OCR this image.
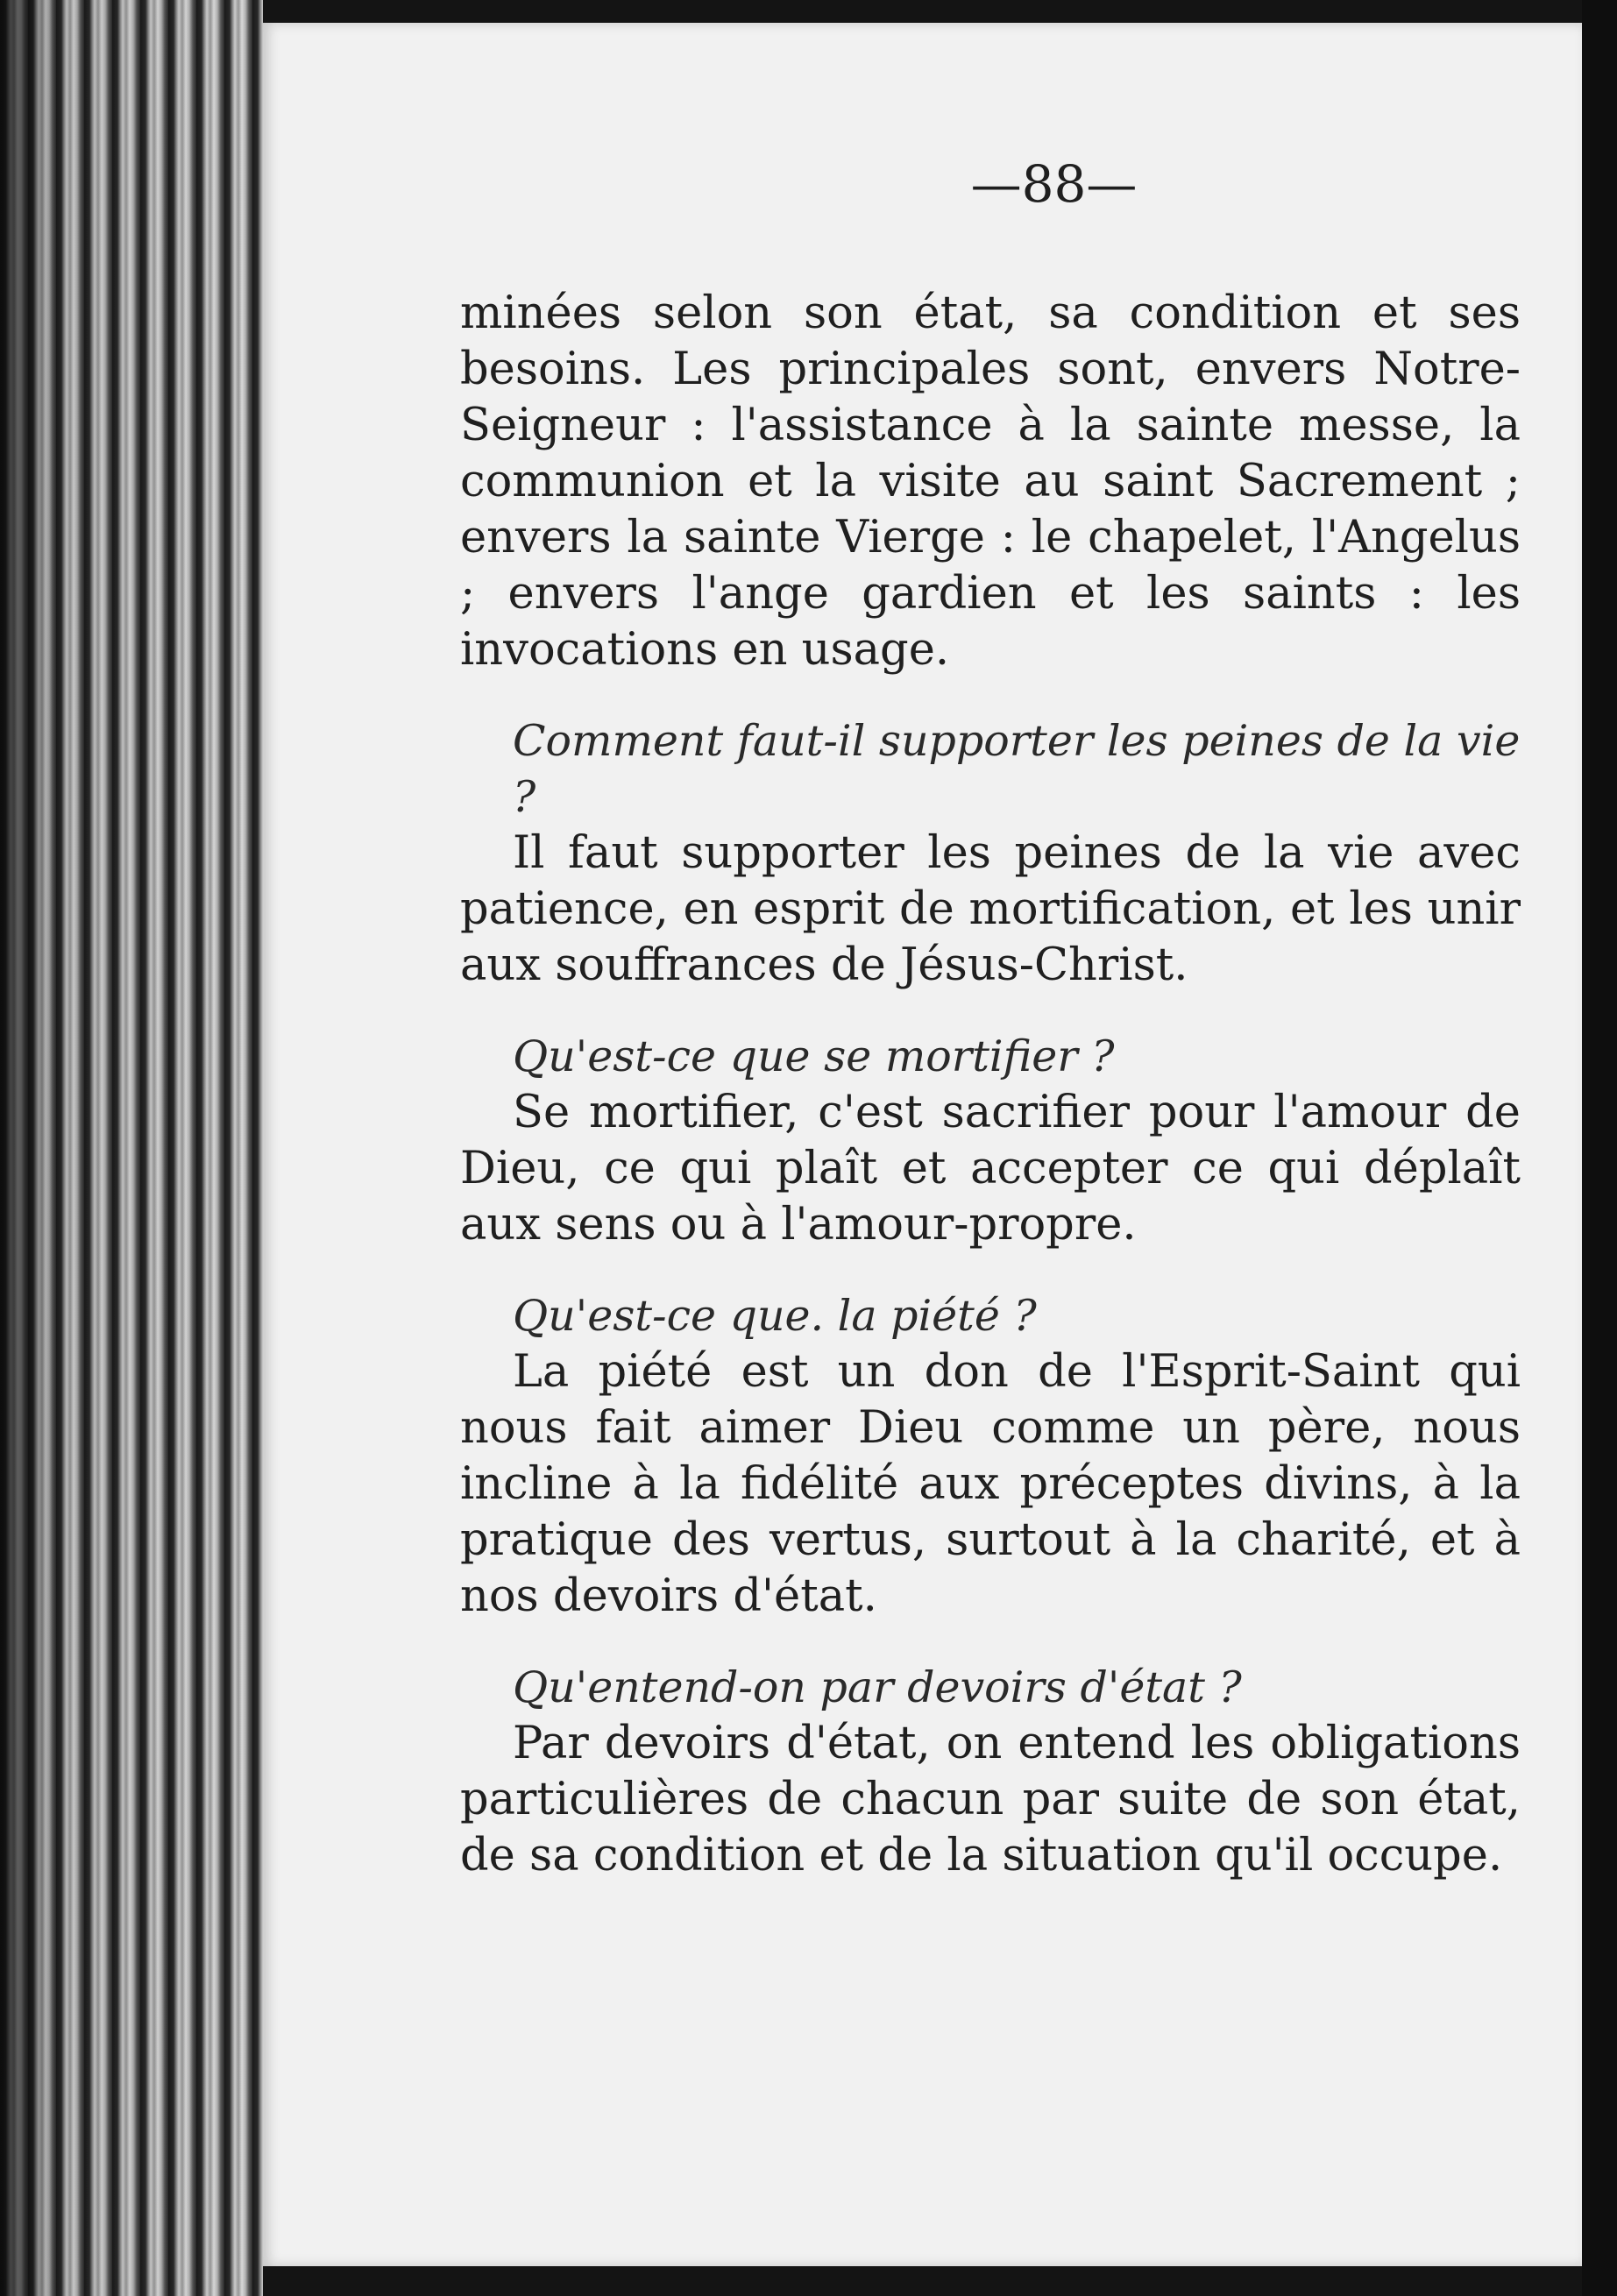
—88—

minées selon son état, sa condition et ses besoins. Les principales sont, envers Notre-Seigneur : l'assistance à la sainte messe, la communion et la visite au saint Sacrement ; envers la sainte Vierge : le chapelet, l'Angelus ; envers l'ange gardien et les saints : les invocations en usage.

Comment faut-il supporter les peines de la vie ?

Il faut supporter les peines de la vie avec patience, en esprit de mortification, et les unir aux souffrances de Jésus-Christ.

Qu'est-ce que se mortifier ?

Se mortifier, c'est sacrifier pour l'amour de Dieu, ce qui plaît et accepter ce qui déplaît aux sens ou à l'amour-propre.

Qu'est-ce que. la piété ?

La piété est un don de l'Esprit-Saint qui nous fait aimer Dieu comme un père, nous incline à la fidélité aux préceptes divins, à la pratique des vertus, surtout à la charité, et à nos devoirs d'état.

Qu'entend-on par devoirs d'état ?

Par devoirs d'état, on entend les obligations particulières de chacun par suite de son état, de sa condition et de la situation qu'il occupe.
